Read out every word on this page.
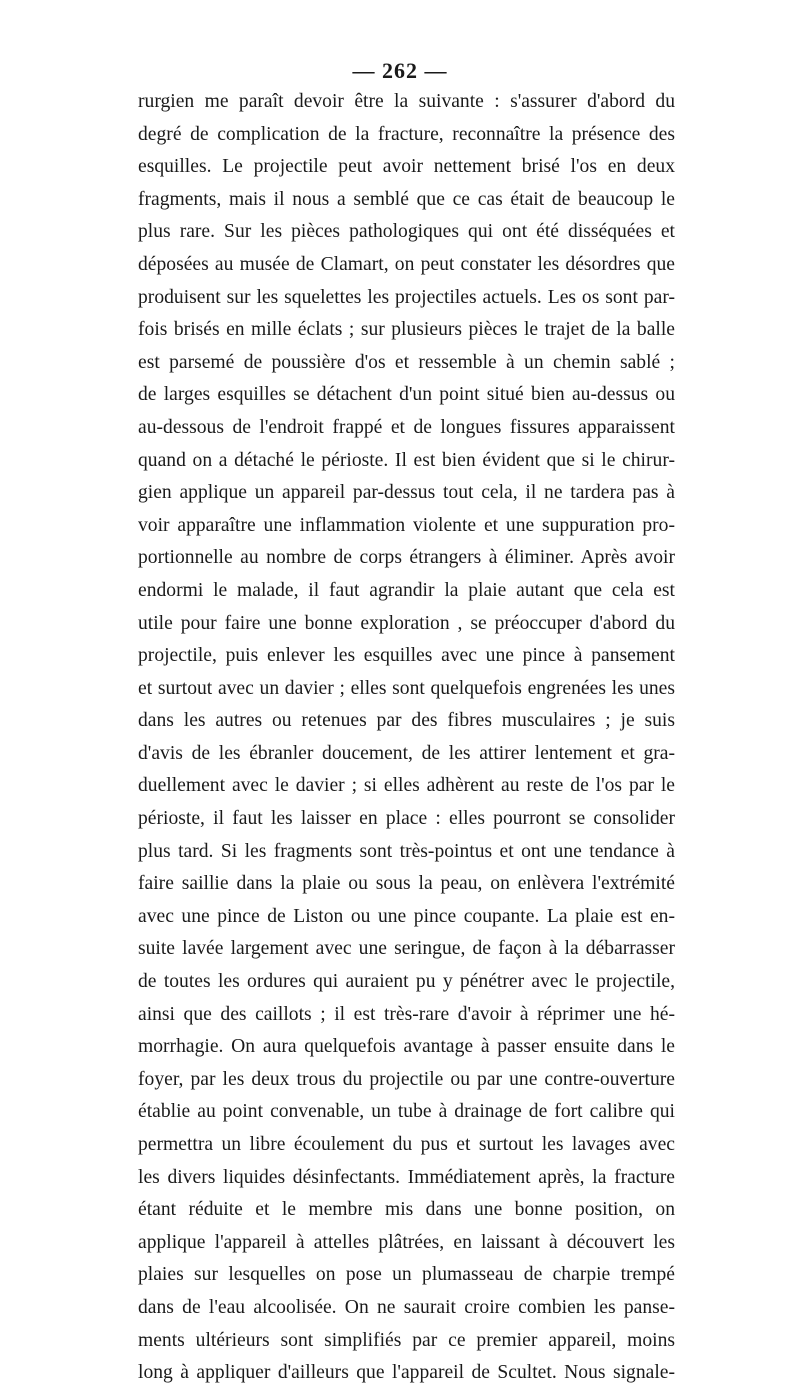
— 262 —
rurgien me paraît devoir être la suivante : s'assurer d'abord du
degré de complication de la fracture, reconnaître la présence des
esquilles. Le projectile peut avoir nettement brisé l'os en deux
fragments, mais il nous a semblé que ce cas était de beaucoup le
plus rare. Sur les pièces pathologiques qui ont été disséquées et
déposées au musée de Clamart, on peut constater les désordres que
produisent sur les squelettes les projectiles actuels. Les os sont par-
fois brisés en mille éclats ; sur plusieurs pièces le trajet de la balle
est parsemé de poussière d'os et ressemble à un chemin sablé ;
de larges esquilles se détachent d'un point situé bien au-dessus ou
au-dessous de l'endroit frappé et de longues fissures apparaissent
quand on a détaché le périoste. Il est bien évident que si le chirur-
gien applique un appareil par-dessus tout cela, il ne tardera pas à
voir apparaître une inflammation violente et une suppuration pro-
portionnelle au nombre de corps étrangers à éliminer. Après avoir
endormi le malade, il faut agrandir la plaie autant que cela est
utile pour faire une bonne exploration , se préoccuper d'abord du
projectile, puis enlever les esquilles avec une pince à pansement
et surtout avec un davier ; elles sont quelquefois engrenées les unes
dans les autres ou retenues par des fibres musculaires ; je suis
d'avis de les ébranler doucement, de les attirer lentement et gra-
duellement avec le davier ; si elles adhèrent au reste de l'os par le
périoste, il faut les laisser en place : elles pourront se consolider
plus tard. Si les fragments sont très-pointus et ont une tendance à
faire saillie dans la plaie ou sous la peau, on enlèvera l'extrémité
avec une pince de Liston ou une pince coupante. La plaie est en-
suite lavée largement avec une seringue, de façon à la débarrasser
de toutes les ordures qui auraient pu y pénétrer avec le projectile,
ainsi que des caillots ; il est très-rare d'avoir à réprimer une hé-
morrhagie. On aura quelquefois avantage à passer ensuite dans le
foyer, par les deux trous du projectile ou par une contre-ouverture
établie au point convenable, un tube à drainage de fort calibre qui
permettra un libre écoulement du pus et surtout les lavages avec
les divers liquides désinfectants. Immédiatement après, la fracture
étant réduite et le membre mis dans une bonne position, on
applique l'appareil à attelles plâtrées, en laissant à découvert les
plaies sur lesquelles on pose un plumasseau de charpie trempé
dans de l'eau alcoolisée. On ne saurait croire combien les panse-
ments ultérieurs sont simplifiés par ce premier appareil, moins
long à appliquer d'ailleurs que l'appareil de Scultet. Nous signale-
